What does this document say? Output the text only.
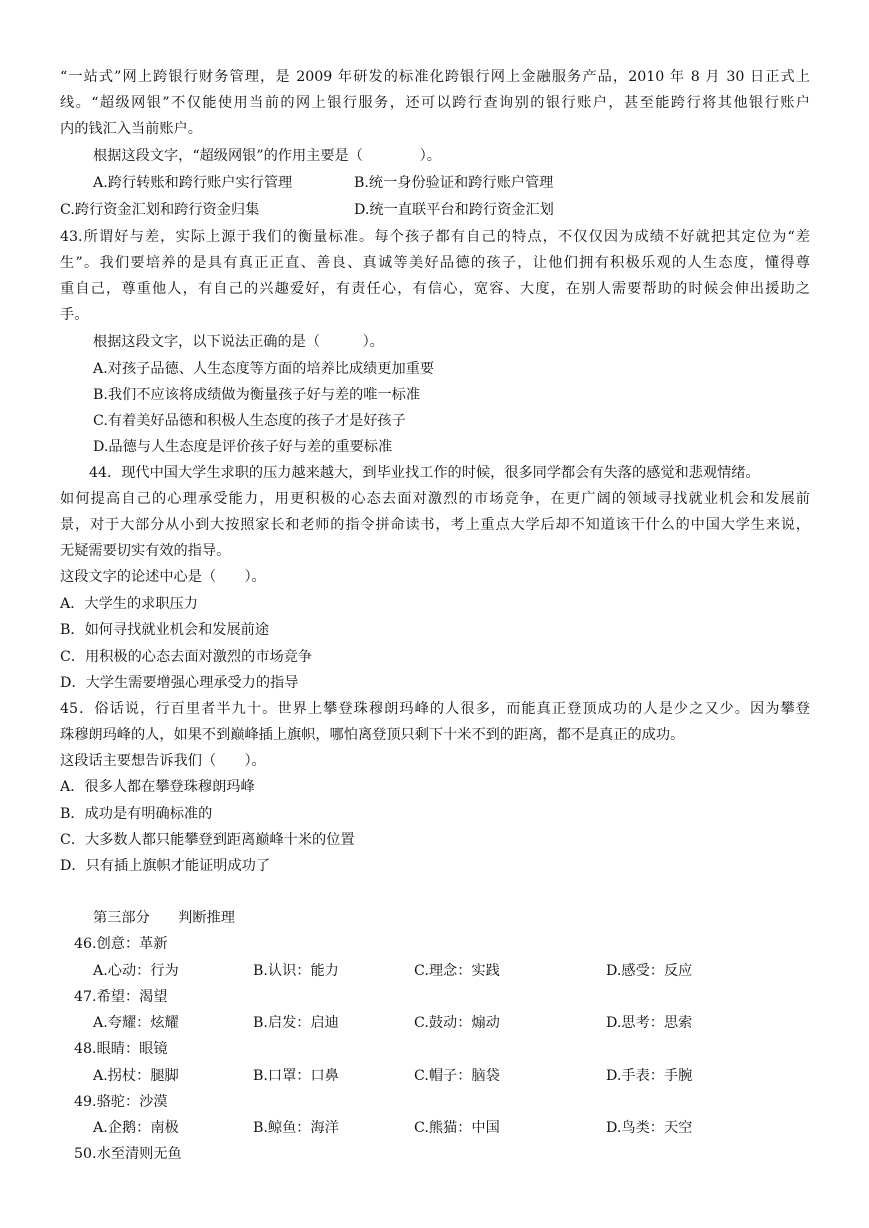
“一站式”网上跨银行财务管理，是 2009 年研发的标准化跨银行网上金融服务产品，2010 年 8 月 30 日正式上
线。“超级网银”不仅能使用当前的网上银行服务，还可以跨行查询别的银行账户，甚至能跨行将其他银行账户
内的钱汇入当前账户。
根据这段文字，“超级网银”的作用主要是（　　　　）。
A.跨行转账和跨行账户实行管理	B.统一身份验证和跨行账户管理
C.跨行资金汇划和跨行资金归集	D.统一直联平台和跨行资金汇划
43.所谓好与差，实际上源于我们的衡量标准。每个孩子都有自己的特点，不仅仅因为成绩不好就把其定位为“差
生”。我们要培养的是具有真正正直、善良、真诚等美好品德的孩子，让他们拥有积极乐观的人生态度，懂得尊
重自己，尊重他人，有自己的兴趣爱好，有责任心，有信心，宽容、大度，在别人需要帮助的时候会伸出援助之
手。
根据这段文字，以下说法正确的是（　　　）。
A.对孩子品德、人生态度等方面的培养比成绩更加重要
B.我们不应该将成绩做为衡量孩子好与差的唯一标准
C.有着美好品德和积极人生态度的孩子才是好孩子
D.品德与人生态度是评价孩子好与差的重要标准
44．现代中国大学生求职的压力越来越大，到毕业找工作的时候，很多同学都会有失落的感觉和悲观情绪。
如何提高自己的心理承受能力，用更积极的心态去面对激烈的市场竞争，在更广阔的领域寻找就业机会和发展前
景，对于大部分从小到大按照家长和老师的指令拼命读书，考上重点大学后却不知道该干什么的中国大学生来说，
无疑需要切实有效的指导。
这段文字的论述中心是（　　）。
A．大学生的求职压力
B．如何寻找就业机会和发展前途
C．用积极的心态去面对激烈的市场竞争
D．大学生需要增强心理承受力的指导
45．俗话说，行百里者半九十。世界上攀登珠穆朗玛峰的人很多，而能真正登顶成功的人是少之又少。因为攀登
珠穆朗玛峰的人，如果不到巅峰插上旗帜，哪怕离登顶只剩下十米不到的距离，都不是真正的成功。
这段话主要想告诉我们（　　）。
A．很多人都在攀登珠穆朗玛峰
B．成功是有明确标准的
C．大多数人都只能攀登到距离巅峰十米的位置
D．只有插上旗帜才能证明成功了
第三部分　　判断推理
46.创意：革新
A.心动：行为	B.认识：能力	C.理念：实践	D.感受：反应
47.希望：渴望
A.夸耀：炫耀	B.启发：启迪	C.鼓动：煽动	D.思考：思索
48.眼睛：眼镜
A.拐杖：腿脚	B.口罩：口鼻	C.帽子：脑袋	D.手表：手腕
49.骆驼：沙漠
A.企鹅：南极	B.鲸鱼：海洋	C.熊猫：中国	D.鸟类：天空
50.水至清则无鱼
